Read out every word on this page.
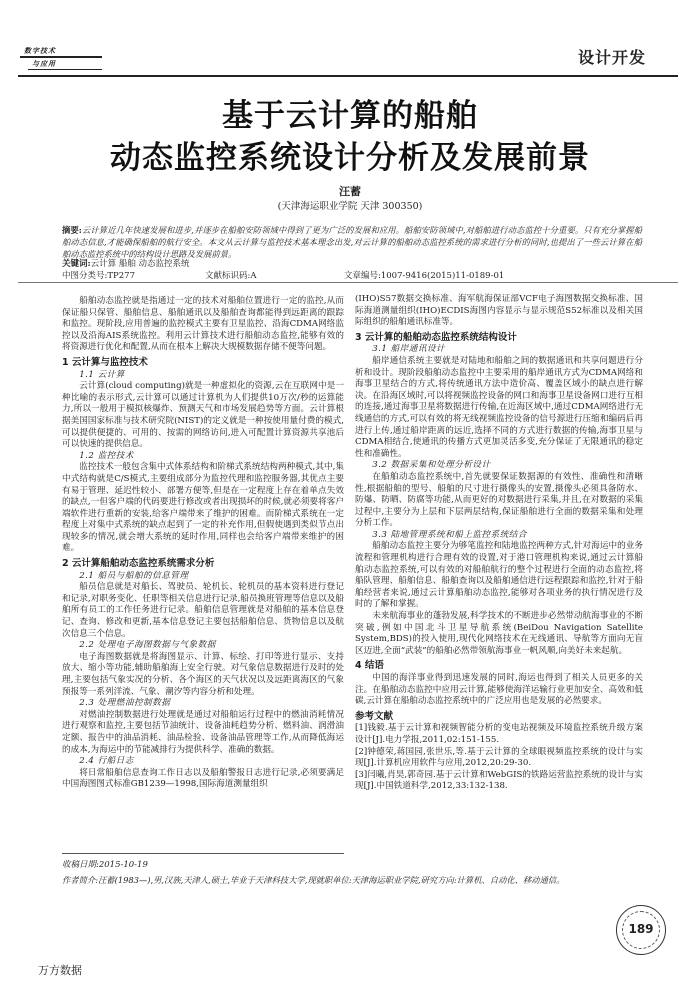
数字技术
与应用	设计开发
基于云计算的船舶
动态监控系统设计分析及发展前景
汪蓄
(天津海运职业学院 天津 300350)
摘要:云计算近几年快速发展和进步,并逐步在船舶安防领域中得到了更为广泛的发展和应用。船舶安防领域中,对船舶进行动态监控十分重要。只有充分掌握船舶动态信息,才能确保船舶的航行安全。本文从云计算与监控技术基本理念出发,对云计算的船舶动态监控系统的需求进行分析的同时,也提出了一些云计算在船舶动态监控系统中的结构设计思路及发展前景。
关键词:云计算 船舶 动态监控系统
中图分类号:TP277	文献标识码:A	文章编号:1007-9416(2015)11-0189-01

船舶动态监控就是指通过一定的技术对船舶位置进行一定的监控,从而保证船只保管、船舶信息、船舶通讯以及船舶查询都能得到远距离的跟踪和监控。现阶段,应用普遍的监控模式主要有卫星监控、沿海CDMA网络监控以及沿海AIS系统监控。利用云计算技术进行船舶动态监控,能够有效的将资源进行优化和配置,从而在根本上解决大规模数据存储不便等问题。

1 云计算与监控技术
1.1 云计算

云计算(cloud computing)就是一种虚拟化的资源,云在互联网中是一种比喻的表示形式,云计算可以通过计算机为人们提供10万次/秒的运算能力,所以一般用于模拟核爆炸、预测天气和市场发展趋势等方面。云计算根据美国国家标准与技术研究院(NIST)的定义就是一种按使用量付费的模式,可以提供便捷的、可用的、按需的网络访问,进入可配置计算资源共享池后可以快速的提供信息。

1.2 监控技术

监控技术一般包含集中式体系结构和阶梯式系统结构两种模式,其中,集中式结构就是C/S模式,主要组成部分为监控代理和监控服务器,其优点主要有易于管理、延迟性较小、部署方便等,但是在一定程度上存在着单点失效的缺点,一但客户端的代码要进行修改或者出现损坏的时候,就必须要将客户端软件进行重新的安装,给客户端带来了维护的困难。而阶梯式系统在一定程度上对集中式系统的缺点起到了一定的补充作用,但假使遇到类似节点出现较多的情况,就会增大系统的延时作用,同样也会给客户端带来维护的困难。

2 云计算船舶动态监控系统需求分析
2.1 船员与船舶的信息管理

船员信息就是对船长、驾驶员、轮机长、轮机员的基本资料进行登记和记录,对职务变化、任职等相关信息进行记录,船员换班管理等信息以及船舶所有员工的工作任务进行记录。船舶信息管理就是对船舶的基本信息登记、查询、修改和更新,基本信息登记主要包括船舶信息、货物信息以及航次信息三个信息。

2.2 处理电子海图数据与气象数据

电子海图数据就是将海图显示、计算、标绘、打印等进行显示、支持放大、缩小等功能,辅助船舶海上安全行驶。对气象信息数据进行及时的处理,主要包括气象实况的分析、各个海区的天气状况以及远距离海区的气象预报等一系列洋流、气象、潮汐等内容分析和处理。

2.3 处理燃油控制数据

对燃油控制数据进行处理就是通过对船舶运行过程中的燃油消耗情况进行观察和监控,主要包括节油统计、设备油耗趋势分析、燃料油、润滑油定额、报告中的油品消耗、油品检验、设备油品管理等工作,从而降低海运的成本,为海运中的节能减排行为提供科学、准确的数据。

2.4 行船日志

将日常船舶信息查询工作日志以及船舶警报日志进行记录,必须要满足中国海图图式标准GB1239—1998,国际海道测量组织

(IHO)S57数据交换标准、海军航海保证部VCF电子海图数据交换标准、国际海道测量组织(IHO)ECDIS海图内容显示与显示规范S52标准以及相关国际组织的船舶通讯标准等。

3 云计算的船舶动态监控系统结构设计
3.1 船岸通讯设计

船岸通信系统主要就是对陆地和船舶之间的数据通讯和共享问题进行分析和设计。现阶段船舶动态监控中主要采用的船岸通讯方式为CDMA网络和海事卫星结合的方式,将传统通讯方法中造价高、覆盖区域小的缺点进行解决。在沿海区域时,可以将视频监控设备的网口和海事卫星设备网口进行互相的连接,通过海事卫星将数据进行传输,在近海区域中,通过CDMA网络进行无线通信的方式,可以有效的将无线视频监控设备的信号源进行压缩和编码后再进行上传,通过船岸距离的远近,选择不同的方式进行数据的传输,海事卫星与CDMA相结合,使通讯的传播方式更加灵活多变,充分保证了无限通讯的稳定性和准确性。

3.2 数据采集和处理分析设计

在船舶动态监控系统中,首先就要保证数据源的有效性、准确性和清晰性,根据船舶的型号、船舶的尺寸进行摄像头的安置,摄像头必须具备防水、防爆、防晒、防腐等功能,从而更好的对数据进行采集,并且,在对数据的采集过程中,主要分为上层和下层两层结构,保证船舶进行全面的数据采集和处理分析工作。

3.3 陆地管理系统和船上监控系统结合

船舶动态监控主要分为够笔监控和陆地监控两种方式,针对海运中的业务流程和管理机构进行合理有效的设置,对于港口管理机构来说,通过云计算船舶动态监控系统,可以有效的对船舶航行的整个过程进行全面的动态监控,将船队管理、船舶信息、船舶查询以及船舶通信进行远程跟踪和监控,针对于船舶经营者来说,通过云计算船舶动态监控,能够对各项业务的执行情况进行及时的了解和掌握。

未来航海事业的蓬勃发展,科学技术的不断进步必然带动航海事业的不断突破,例如中国北斗卫星导航系统(BeiDou Navigation Satellite System,BDS)的投入使用,现代化网络技术在无线通讯、导航等方面向无盲区迈进,全面“武装”的船舶必然带领航海事业一帆风顺,向美好未来起航。

4 结语

中国的海洋事业得到迅速发展的同时,海运也得到了相关人员更多的关注。在船舶动态监控中应用云计算,能够使海洋运输行业更加安全、高效和低碳,云计算在船舶动态监控系统中的广泛应用也是发展的必然要求。

参考文献

[1]钱毅.基于云计算和视频智能分析的变电站视频及环境监控系统升级方案设计[J].电力学报,2011,02:151-155.

[2]钟德荣,蒋国园,张世乐,等.基于云计算的全球眼视频监控系统的设计与实现[J].计算机应用软件与应用,2012,20:29-30.

[3]闫曦,肖昊,郭奇园.基于云计算和WebGIS的铁路运营监控系统的设计与实现[J].中国铁道科学,2012,33:132-138.

收稿日期:2015-10-19
作者简介:汪蓄(1983—),男,汉族,天津人,硕士,毕业于天津科技大学,现就职单位:天津海运职业学院,研究方向:计算机、自动化、移动通信。
189
万方数据
